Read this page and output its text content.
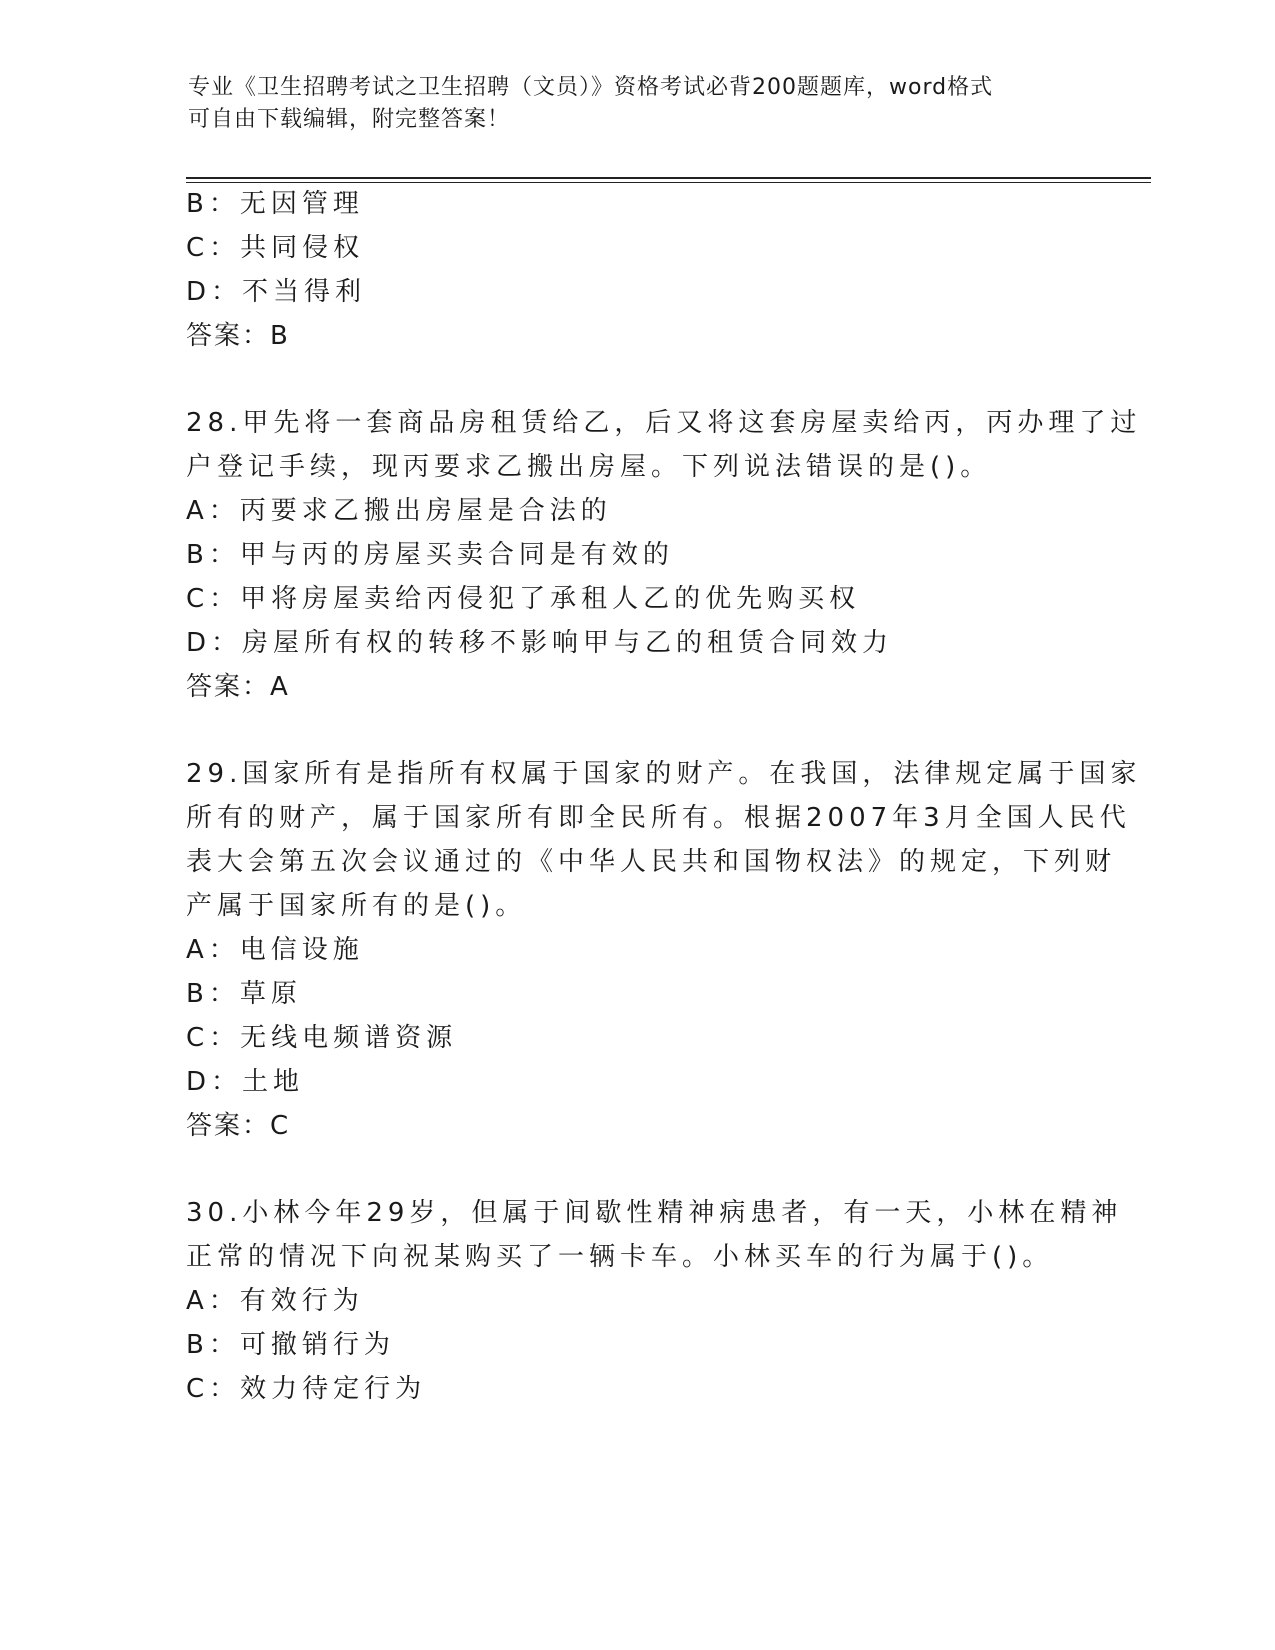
专业《卫生招聘考试之卫生招聘（文员）》资格考试必背200题题库，word格式
可自由下载编辑，附完整答案！
B：无因管理
C：共同侵权
D：不当得利
答案：B
28.甲先将一套商品房租赁给乙，后又将这套房屋卖给丙，丙办理了过
户登记手续，现丙要求乙搬出房屋。下列说法错误的是()。
A：丙要求乙搬出房屋是合法的
B：甲与丙的房屋买卖合同是有效的
C：甲将房屋卖给丙侵犯了承租人乙的优先购买权
D：房屋所有权的转移不影响甲与乙的租赁合同效力
答案：A
29.国家所有是指所有权属于国家的财产。在我国，法律规定属于国家
所有的财产，属于国家所有即全民所有。根据2007年3月全国人民代
表大会第五次会议通过的《中华人民共和国物权法》的规定，下列财
产属于国家所有的是()。
A：电信设施
B：草原
C：无线电频谱资源
D：土地
答案：C
30.小林今年29岁，但属于间歇性精神病患者，有一天，小林在精神
正常的情况下向祝某购买了一辆卡车。小林买车的行为属于()。
A：有效行为
B：可撤销行为
C：效力待定行为
